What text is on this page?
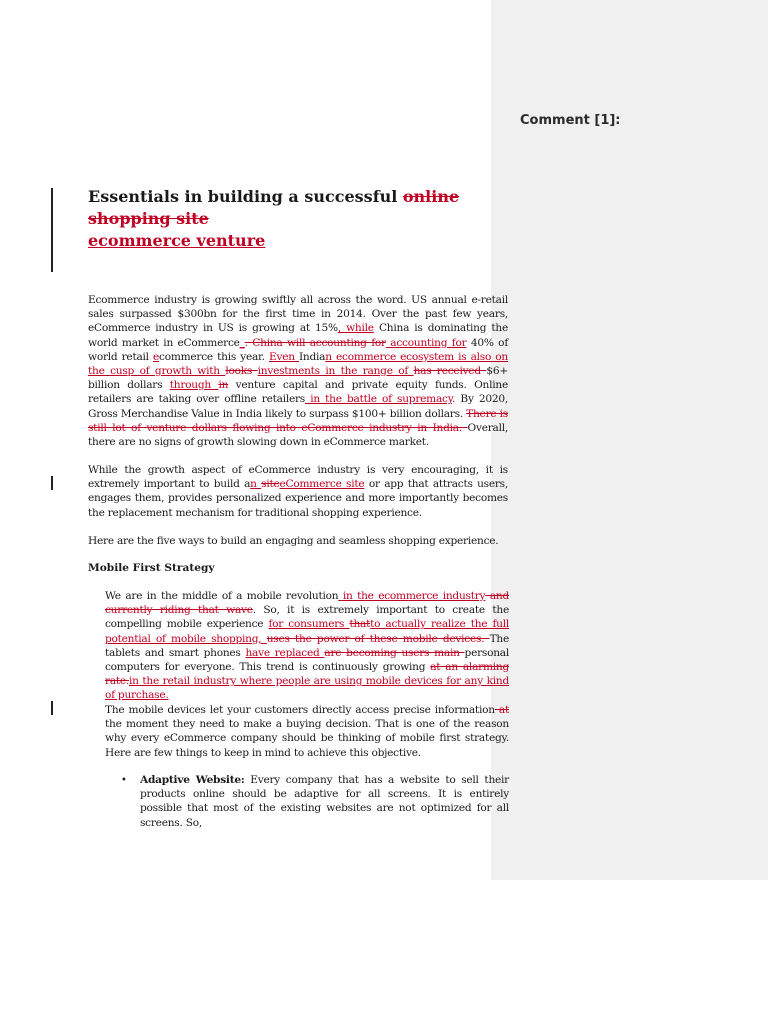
Comment [1]:
Essentials in building a successful online shopping site
ecommerce venture
Ecommerce industry is growing swiftly all across the word. US annual e-retail sales surpassed $300bn for the first time in 2014. Over the past few years, eCommerce industry in US is growing at 15%, while China is dominating the world market in eCommerce_. China will accounting for accounting for 40% of world retail ecommerce this year. Even Indian ecommerce ecosystem is also on the cusp of growth with looks investments in the range of has received $6+ billion dollars through in venture capital and private equity funds. Online retailers are taking over offline retailers in the battle of supremacy. By 2020, Gross Merchandise Value in India likely to surpass $100+ billion dollars. There is still lot of venture dollars flowing into eCommerce industry in India. Overall, there are no signs of growth slowing down in eCommerce market.
While the growth aspect of eCommerce industry is very encouraging, it is extremely important to build an siteeCommerce site or app that attracts users, engages them, provides personalized experience and more importantly becomes the replacement mechanism for traditional shopping experience.
Here are the five ways to build an engaging and seamless shopping experience.
Mobile First Strategy
We are in the middle of a mobile revolution in the ecommerce industry and currently riding that wave. So, it is extremely important to create the compelling mobile experience for consumers thatto actually realize the full potential of mobile shopping, uses the power of these mobile devices. The tablets and smart phones have replaced are becoming users main personal computers for everyone. This trend is continuously growing at an alarming rate.in the retail industry where people are using mobile devices for any kind of purchase.
The mobile devices let your customers directly access precise information at the moment they need to make a buying decision. That is one of the reason why every eCommerce company should be thinking of mobile first strategy. Here are few things to keep in mind to achieve this objective.
• Adaptive Website: Every company that has a website to sell their products online should be adaptive for all screens. It is entirely possible that most of the existing websites are not optimized for all screens. So,
